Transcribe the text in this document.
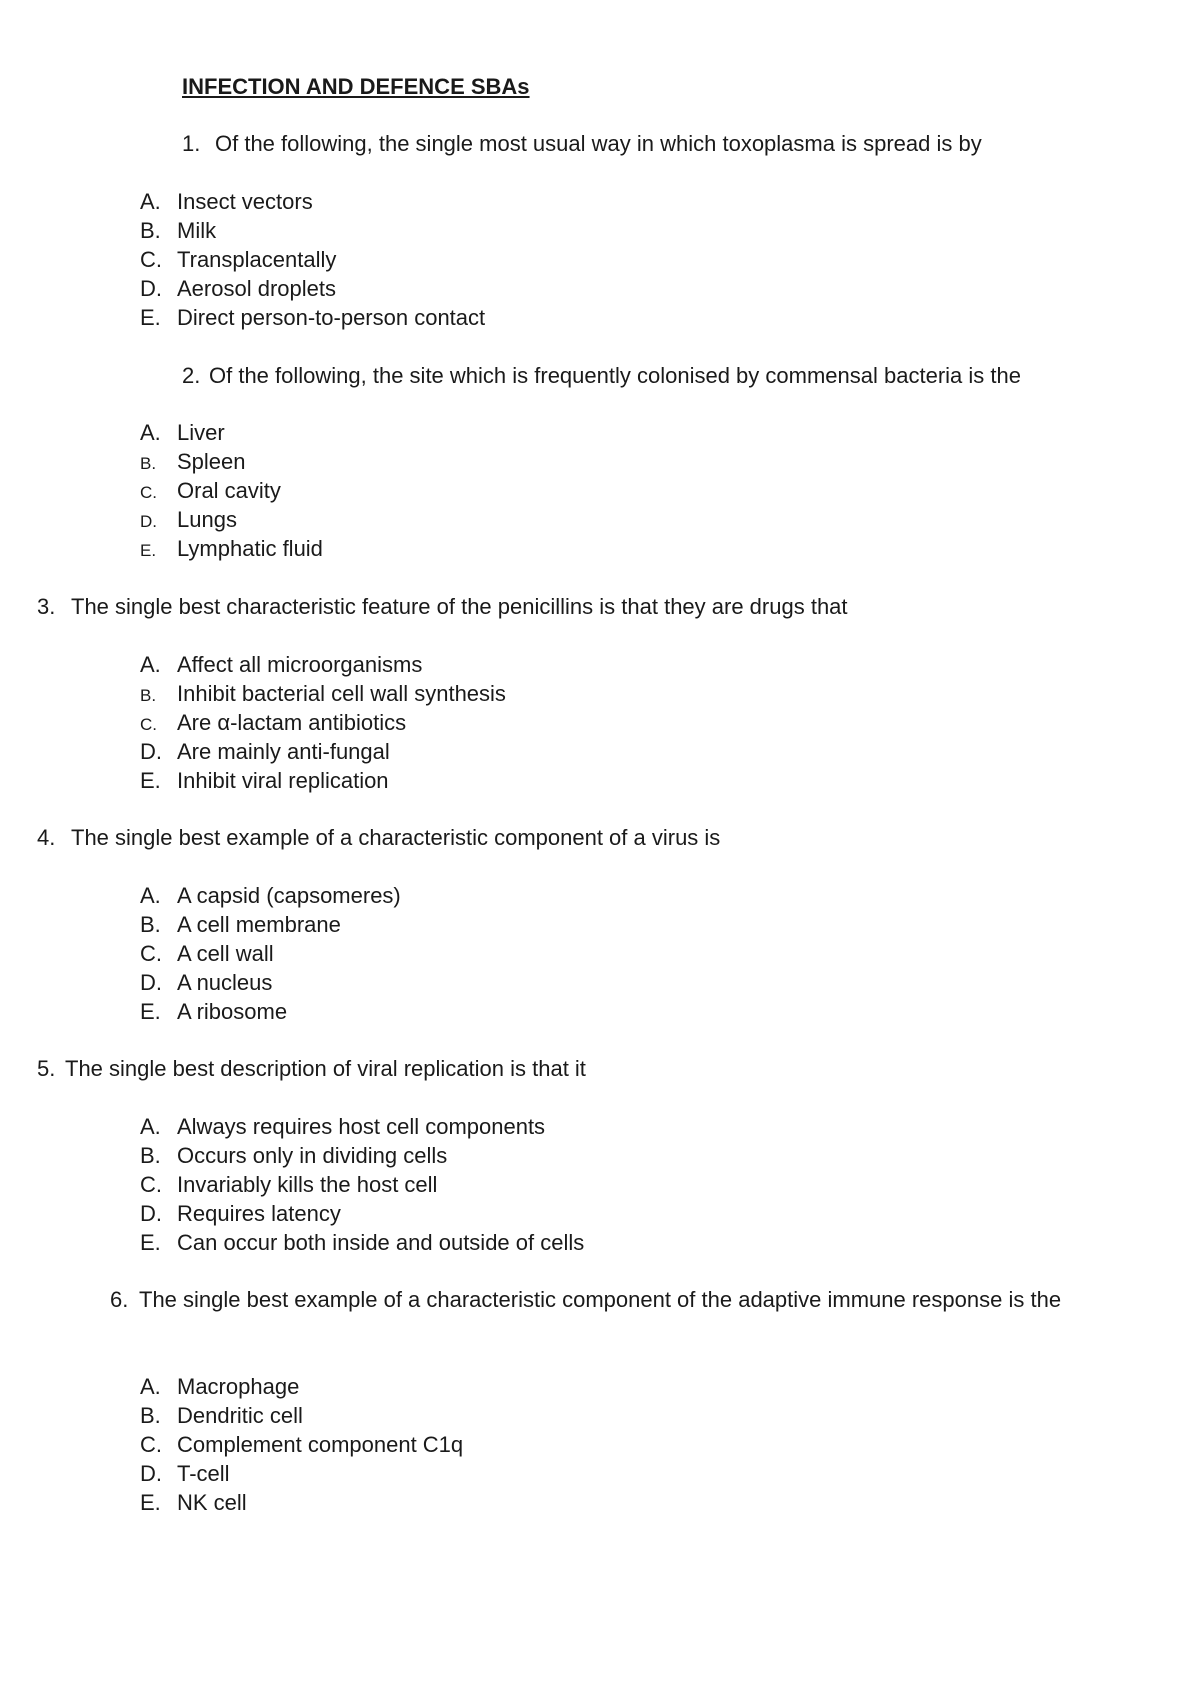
INFECTION AND DEFENCE SBAs

1. Of the following, the single most usual way in which toxoplasma is spread is by

A. Insect vectors
B. Milk
C. Transplacentally
D. Aerosol droplets
E. Direct person-to-person contact

2. Of the following, the site which is frequently colonised by commensal bacteria is the

A. Liver
B. Spleen
C. Oral cavity
D. Lungs
E. Lymphatic fluid

3. The single best characteristic feature of the penicillins is that they are drugs that

A. Affect all microorganisms
B. Inhibit bacterial cell wall synthesis
C. Are α-lactam antibiotics
D. Are mainly anti-fungal
E. Inhibit viral replication

4. The single best example of a characteristic component of a virus is

A. A capsid (capsomeres)
B. A cell membrane
C. A cell wall
D. A nucleus
E. A ribosome

5. The single best description of viral replication is that it

A. Always requires host cell components
B. Occurs only in dividing cells
C. Invariably kills the host cell
D. Requires latency
E. Can occur both inside and outside of cells

6. The single best example of a characteristic component of the adaptive immune response is the

A. Macrophage
B. Dendritic cell
C. Complement component C1q
D. T-cell
E. NK cell
